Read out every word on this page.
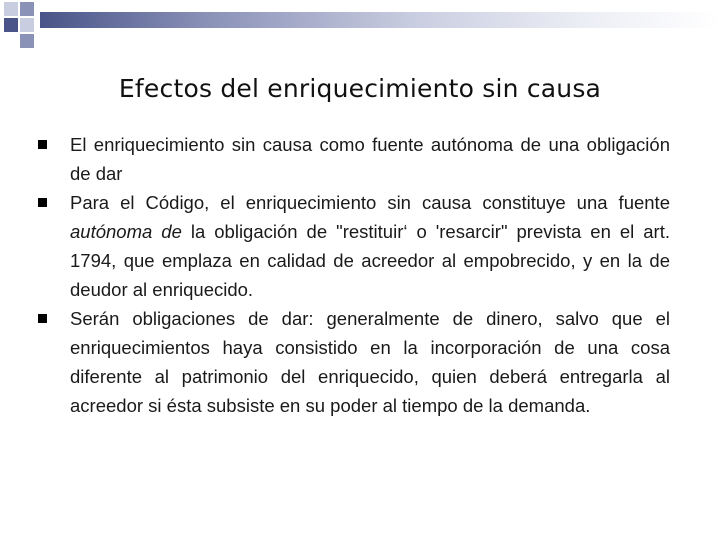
Efectos del enriquecimiento sin causa
El enriquecimiento sin causa como fuente autónoma de una obligación de dar
Para el Código, el enriquecimiento sin causa constituye una fuente autónoma de la obligación de "restituir‘ o 'resarcir" prevista en el art. 1794, que emplaza en calidad de acreedor al empobrecido, y en la de deudor al enriquecido.
Serán obligaciones de dar: generalmente de dinero, salvo que el enriquecimientos haya consistido en la incorporación de una cosa diferente al patrimonio del enriquecido, quien deberá entregarla al acreedor si ésta subsiste en su poder al tiempo de la demanda.
